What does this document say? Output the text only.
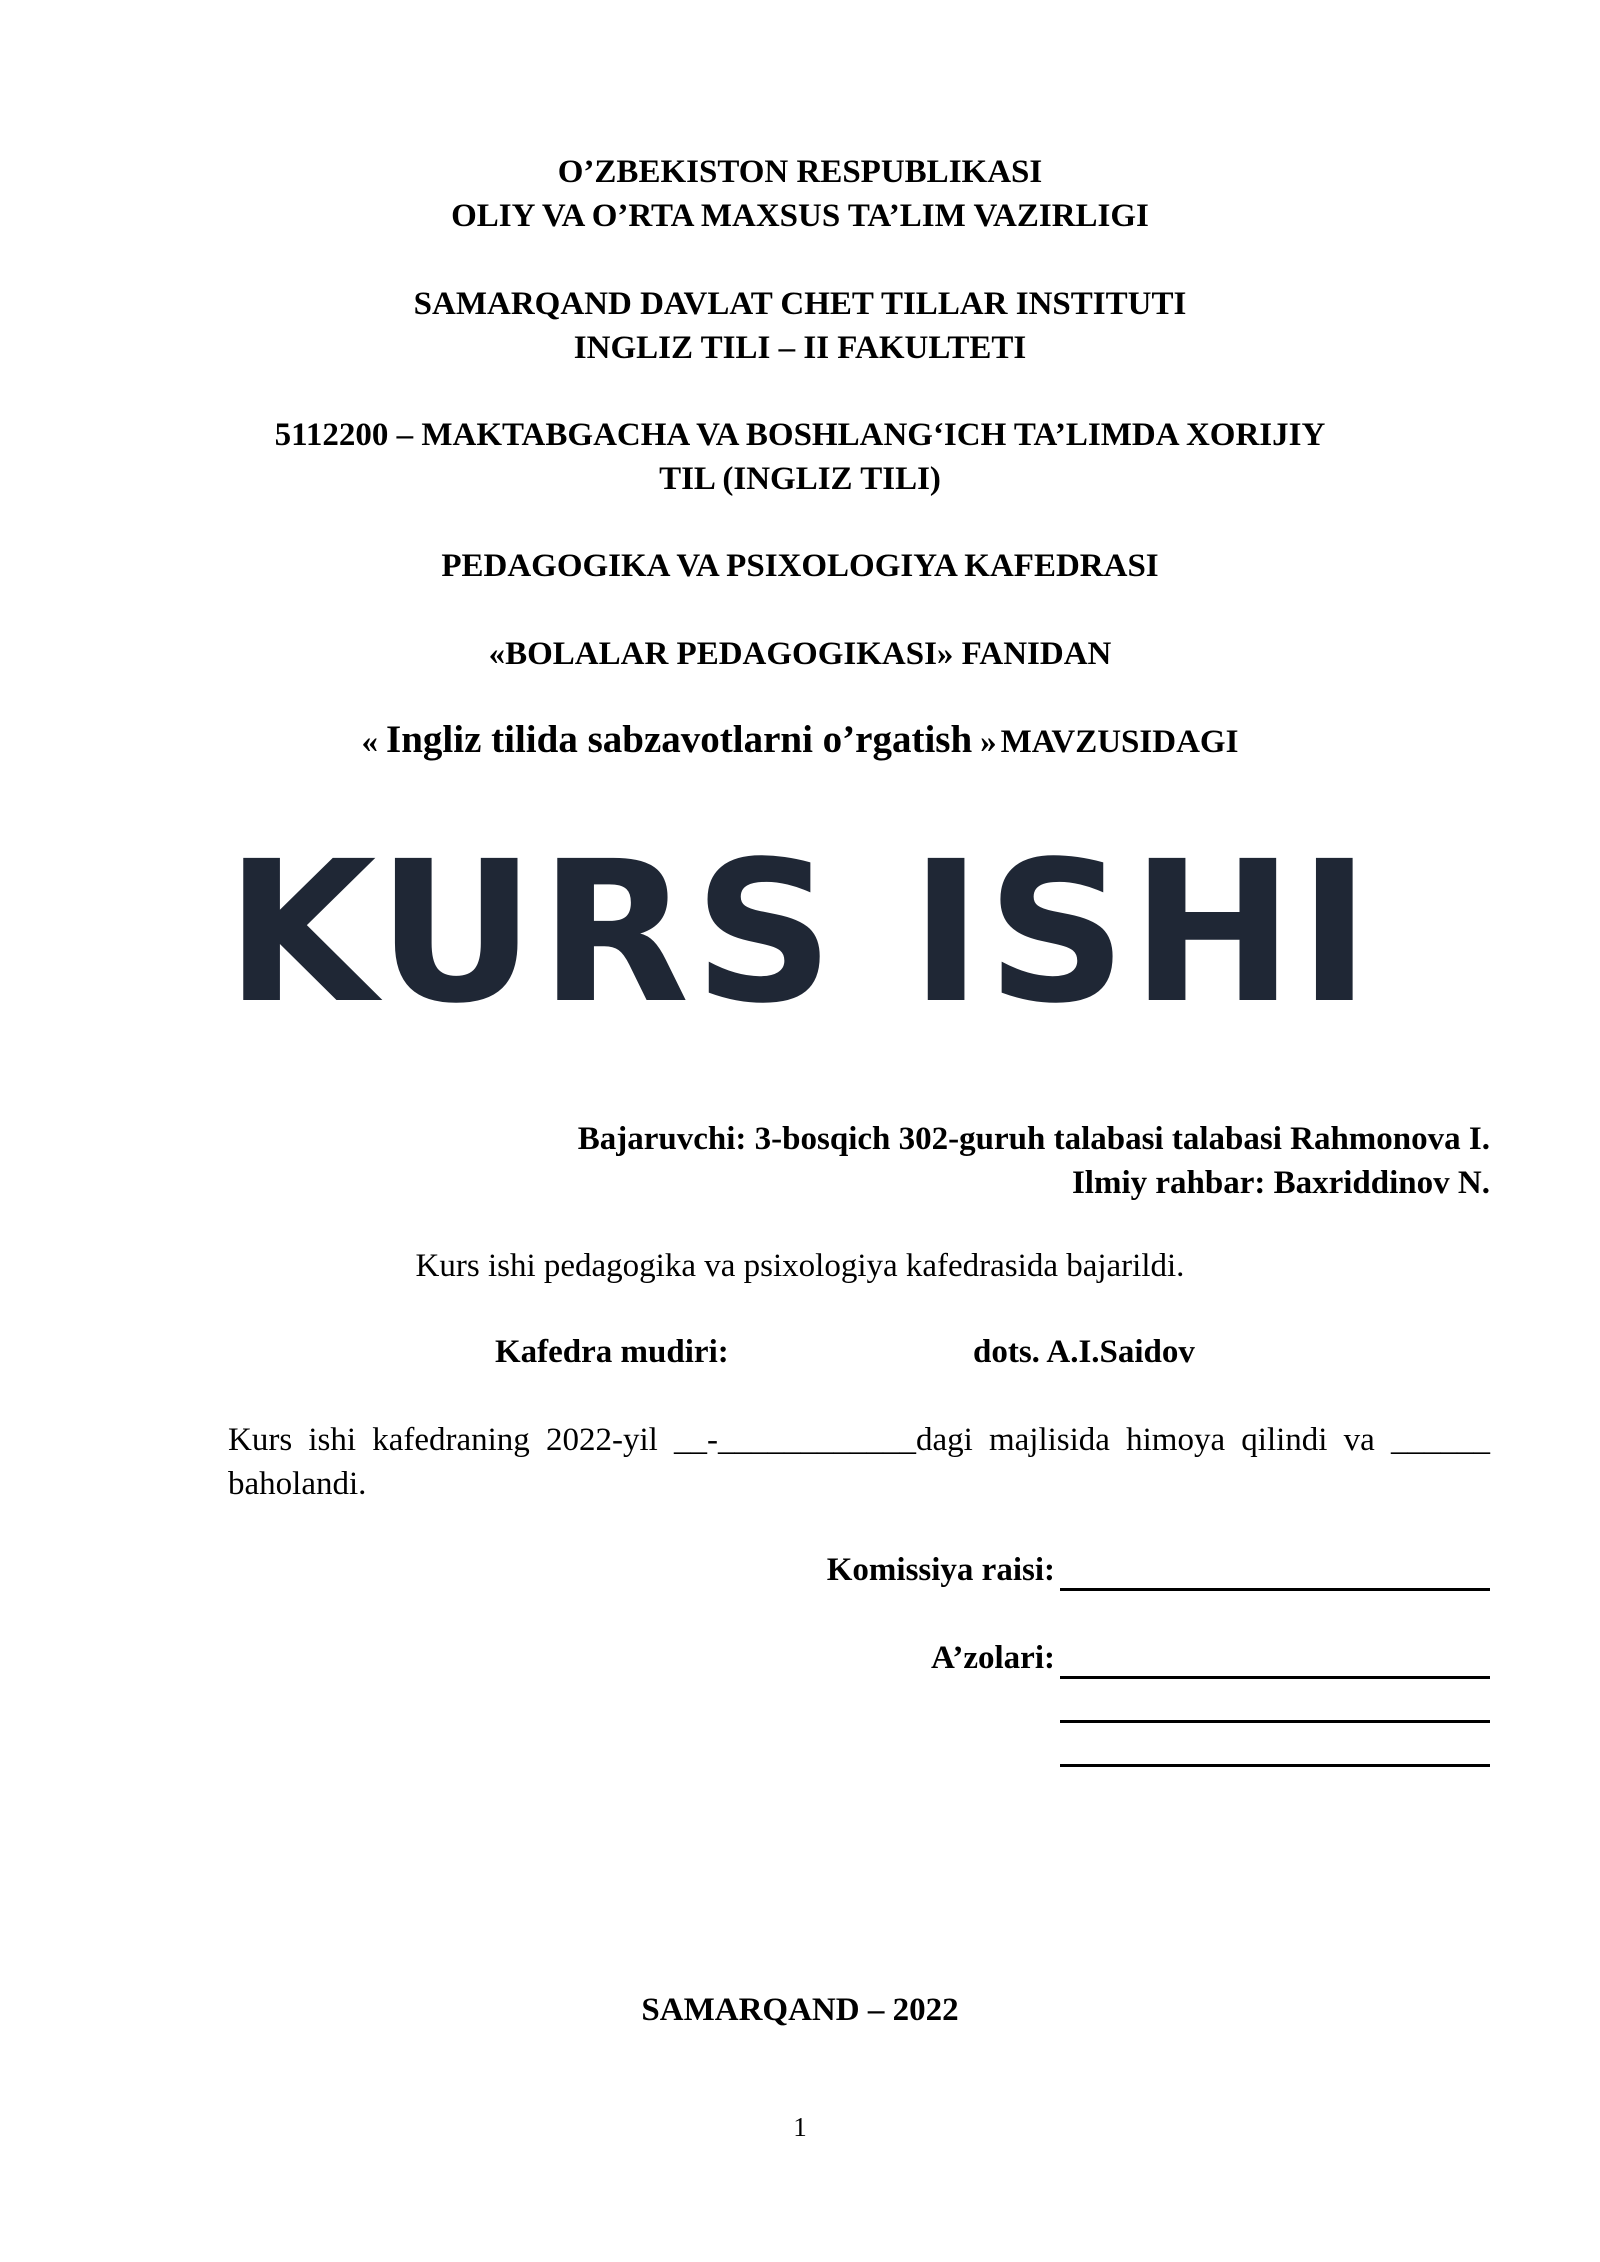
O’ZBEKISTON RESPUBLIKASI
OLIY VA O’RTA MAXSUS TA’LIM VAZIRLIGI
SAMARQAND DAVLAT CHET TILLAR INSTITUTI
INGLIZ TILI – II FAKULTETI
5112200 – MAKTABGACHA VA BOSHLANG‘ICH TA’LIMDA XORIJIY
TIL (INGLIZ TILI)
PEDAGOGIKA VA PSIXOLOGIYA KAFEDRASI
«BOLALAR PEDAGOGIKASI» FANIDAN
« Ingliz tilida sabzavotlarni o’rgatish » MAVZUSIDAGI
KURS ISHI
Bajaruvchi: 3-bosqich 302-guruh talabasi talabasi Rahmonova I.
Ilmiy rahbar: Baxriddinov N.
Kurs ishi pedagogika va psixologiya kafedrasida bajarildi.
Kafedra mudiri:	dots. A.I.Saidov
Kurs ishi kafedraning 2022-yil __-____________dagi majlisida himoya qilindi va ______ baholandi.
Komissiya raisi:
A’zolari:
SAMARQAND – 2022
1
